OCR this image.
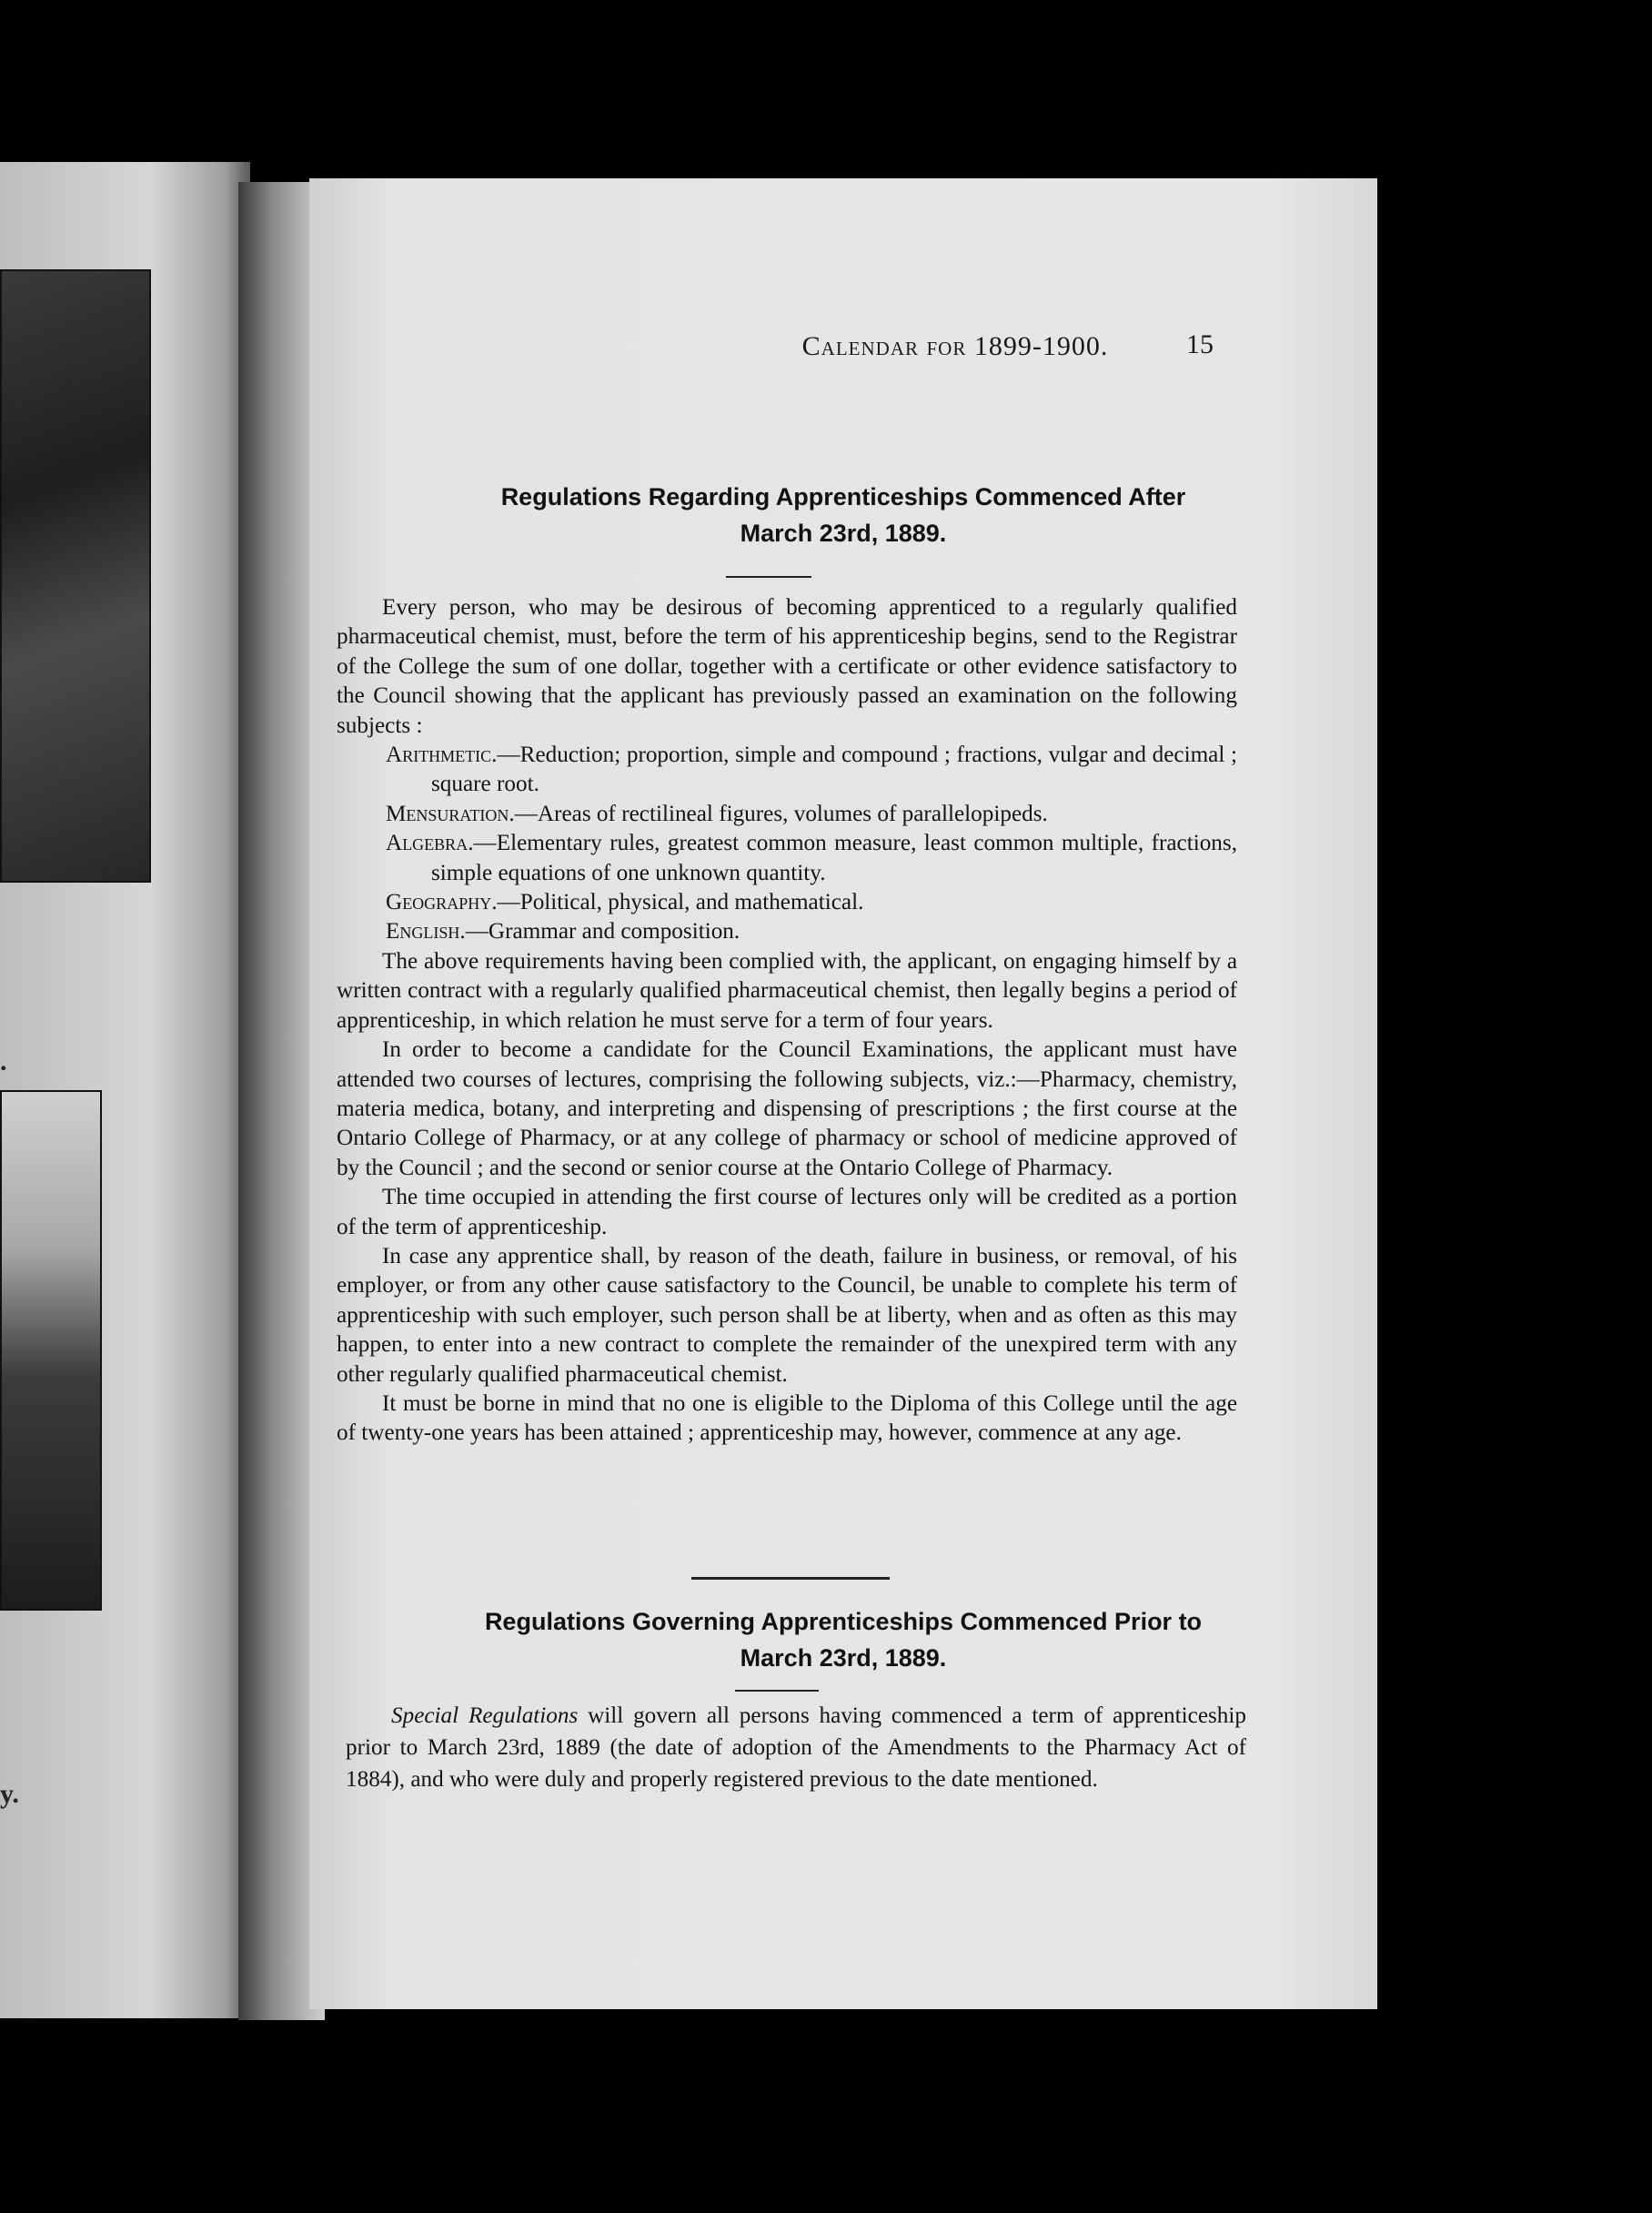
.
y.
Calendar for 1899-1900.	15
Regulations Regarding Apprenticeships Commenced After
March 23rd, 1889.

Every person, who may be desirous of becoming apprenticed to a regularly qualified pharmaceutical chemist, must, before the term of his apprenticeship begins, send to the Registrar of the College the sum of one dollar, together with a certificate or other evidence satisfactory to the Council showing that the applicant has previously passed an examination on the following subjects :

Arithmetic.—Reduction; proportion, simple and compound ; fractions, vulgar and decimal ; square root.

Mensuration.—Areas of rectilineal figures, volumes of parallelopipeds.

Algebra.—Elementary rules, greatest common measure, least common multiple, fractions, simple equations of one unknown quantity.

Geography.—Political, physical, and mathematical.

English.—Grammar and composition.

The above requirements having been complied with, the applicant, on engaging himself by a written contract with a regularly qualified pharmaceutical chemist, then legally begins a period of apprenticeship, in which relation he must serve for a term of four years.

In order to become a candidate for the Council Examinations, the applicant must have attended two courses of lectures, comprising the following subjects, viz.:—Pharmacy, chemistry, materia medica, botany, and interpreting and dispensing of prescriptions ; the first course at the Ontario College of Pharmacy, or at any college of pharmacy or school of medicine approved of by the Council ; and the second or senior course at the Ontario College of Pharmacy.

The time occupied in attending the first course of lectures only will be credited as a portion of the term of apprenticeship.

In case any apprentice shall, by reason of the death, failure in business, or removal, of his employer, or from any other cause satisfactory to the Council, be unable to complete his term of apprenticeship with such employer, such person shall be at liberty, when and as often as this may happen, to enter into a new contract to complete the remainder of the unexpired term with any other regularly qualified pharmaceutical chemist.

It must be borne in mind that no one is eligible to the Diploma of this College until the age of twenty-one years has been attained ; apprenticeship may, however, commence at any age.

Regulations Governing Apprenticeships Commenced Prior to
March 23rd, 1889.

Special Regulations will govern all persons having commenced a term of apprenticeship prior to March 23rd, 1889 (the date of adoption of the Amendments to the Pharmacy Act of 1884), and who were duly and properly registered previous to the date mentioned.
